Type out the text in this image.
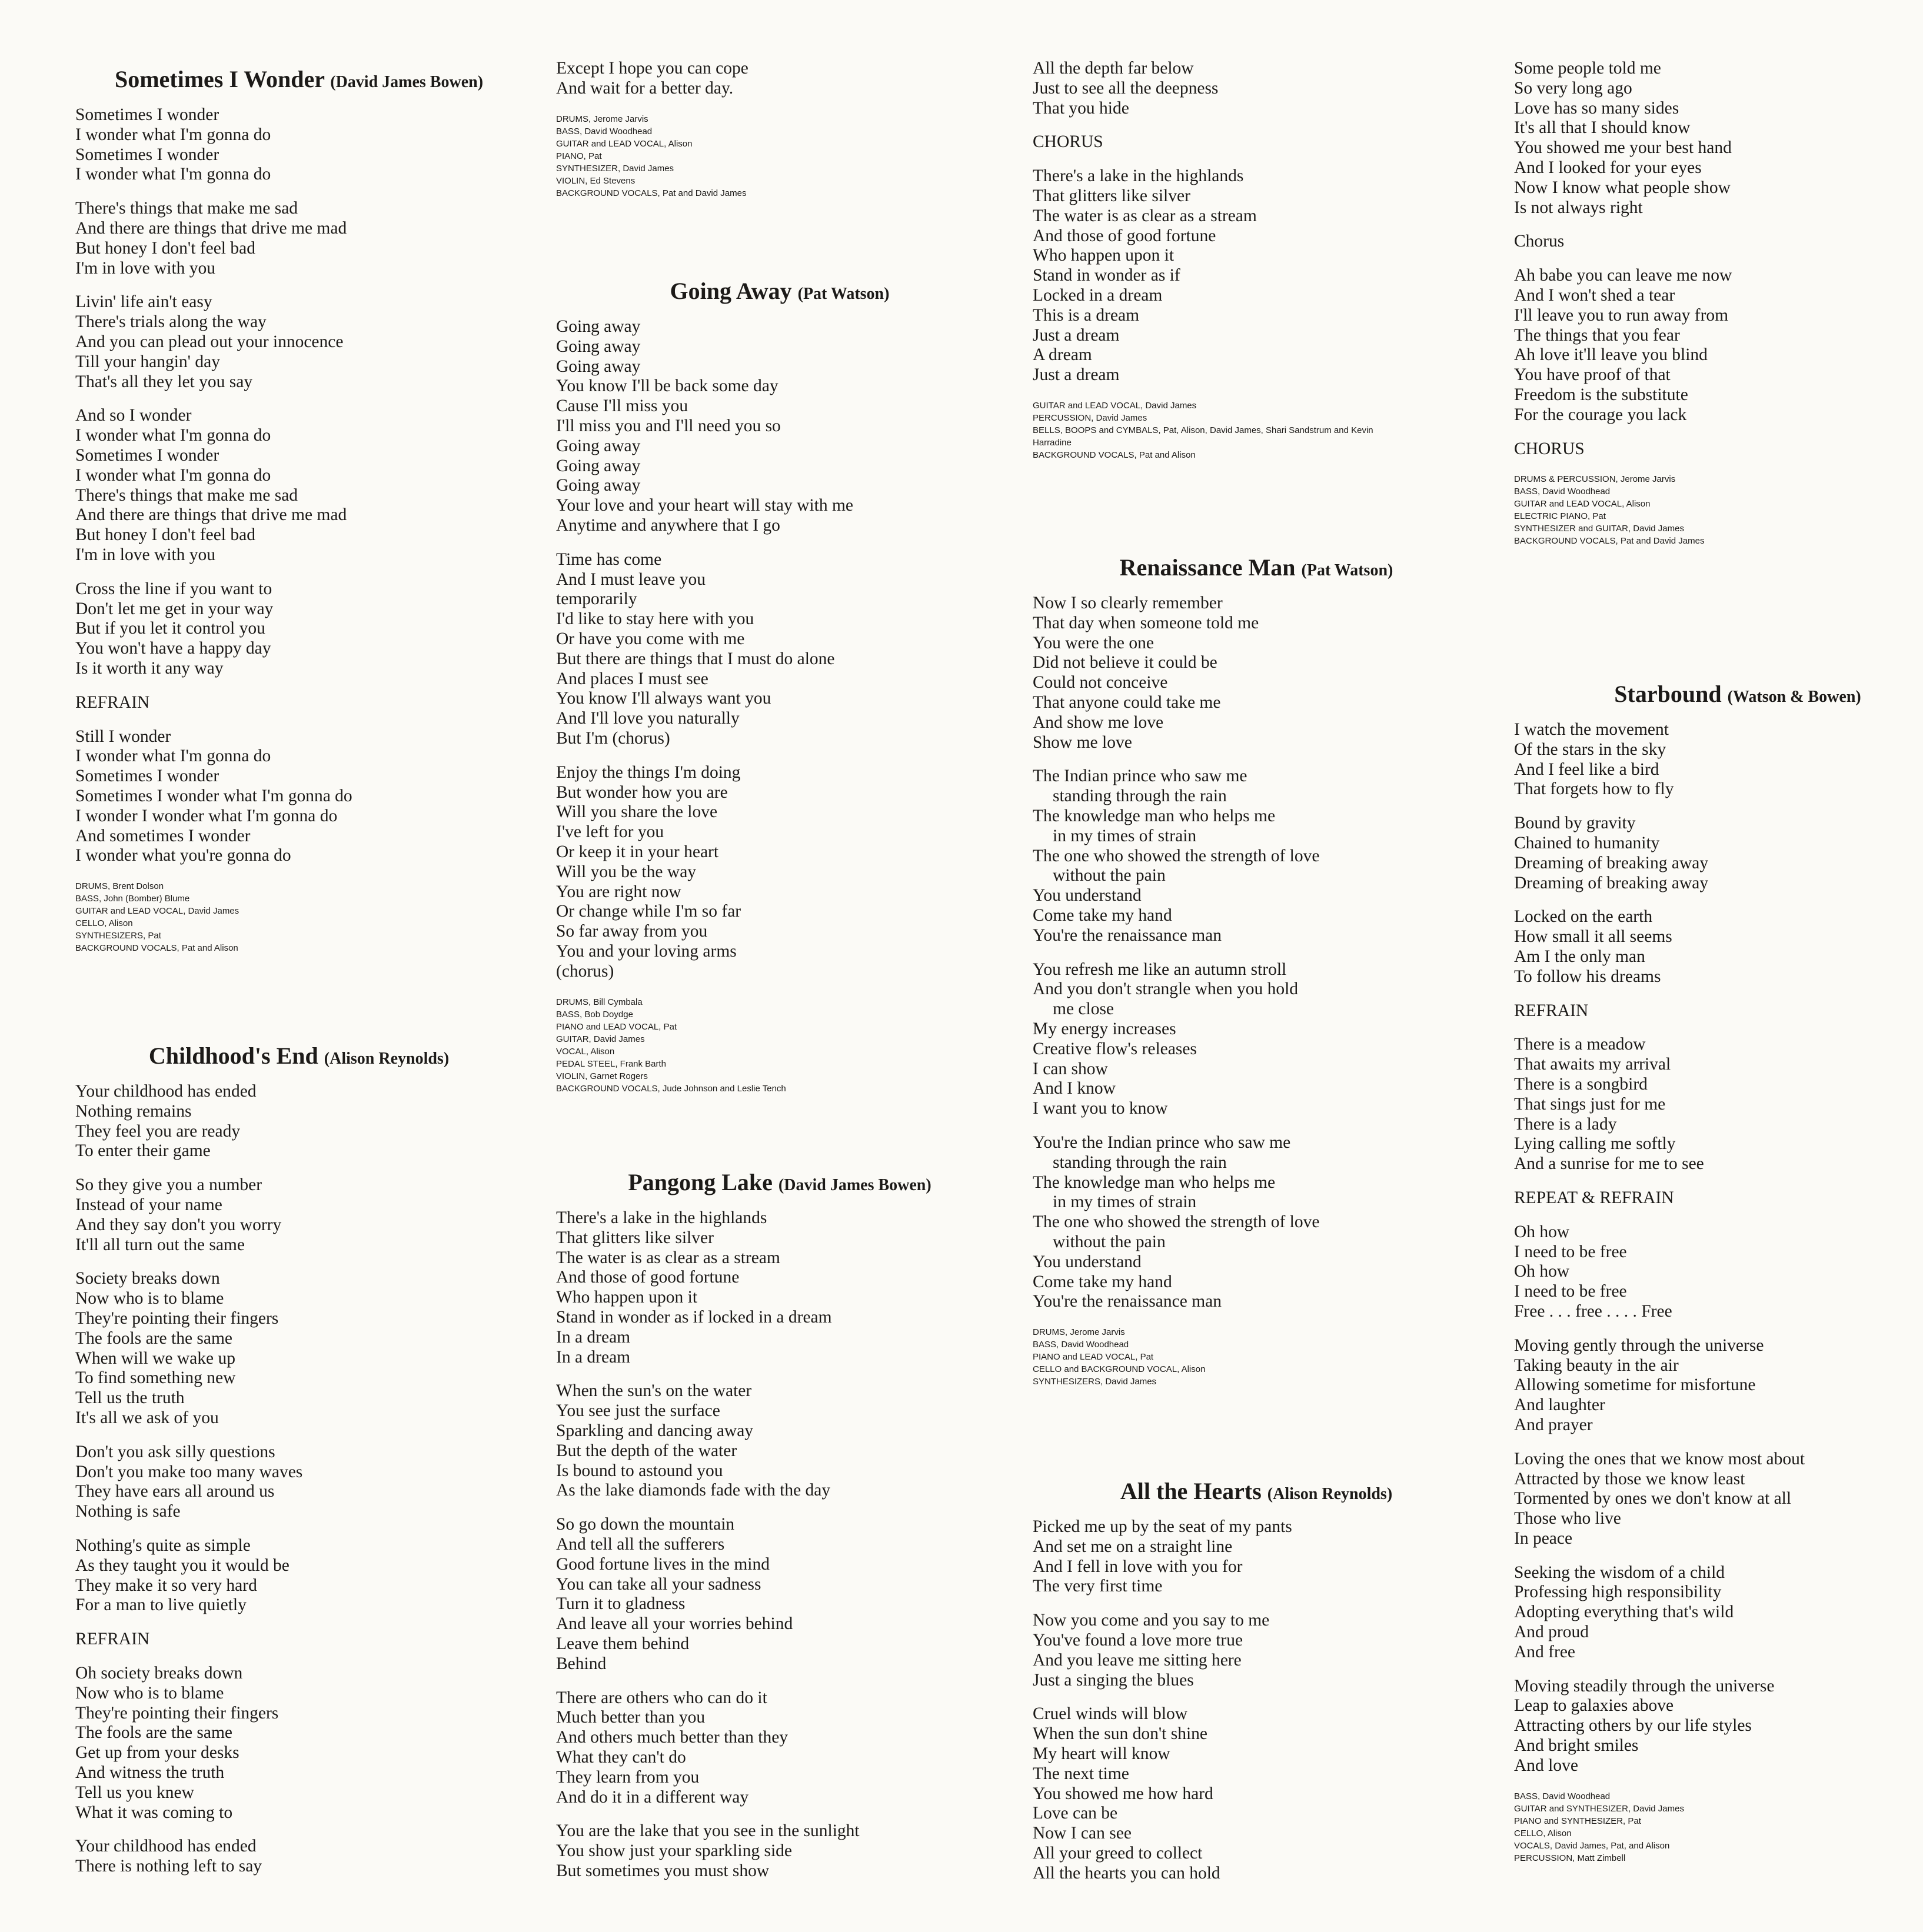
Sometimes I Wonder (David James Bowen)
Sometimes I wonder
I wonder what I'm gonna do
Sometimes I wonder
I wonder what I'm gonna do
There's things that make me sad
And there are things that drive me mad
But honey I don't feel bad
I'm in love with you
Livin' life ain't easy
There's trials along the way
And you can plead out your innocence
Till your hangin' day
That's all they let you say
And so I wonder
I wonder what I'm gonna do
Sometimes I wonder
I wonder what I'm gonna do
There's things that make me sad
And there are things that drive me mad
But honey I don't feel bad
I'm in love with you
Cross the line if you want to
Don't let me get in your way
But if you let it control you
You won't have a happy day
Is it worth it any way
REFRAIN
Still I wonder
I wonder what I'm gonna do
Sometimes I wonder
Sometimes I wonder what I'm gonna do
I wonder I wonder what I'm gonna do
And sometimes I wonder
I wonder what you're gonna do
DRUMS, Brent Dolson
BASS, John (Bomber) Blume
GUITAR and LEAD VOCAL, David James
CELLO, Alison
SYNTHESIZERS, Pat
BACKGROUND VOCALS, Pat and Alison
Childhood's End (Alison Reynolds)
Your childhood has ended
Nothing remains
They feel you are ready
To enter their game
So they give you a number
Instead of your name
And they say don't you worry
It'll all turn out the same
Society breaks down
Now who is to blame
They're pointing their fingers
The fools are the same
When will we wake up
To find something new
Tell us the truth
It's all we ask of you
Don't you ask silly questions
Don't you make too many waves
They have ears all around us
Nothing is safe
Nothing's quite as simple
As they taught you it would be
They make it so very hard
For a man to live quietly
REFRAIN
Oh society breaks down
Now who is to blame
They're pointing their fingers
The fools are the same
Get up from your desks
And witness the truth
Tell us you knew
What it was coming to
Your childhood has ended
There is nothing left to say
Except I hope you can cope
And wait for a better day.
DRUMS, Jerome Jarvis
BASS, David Woodhead
GUITAR and LEAD VOCAL, Alison
PIANO, Pat
SYNTHESIZER, David James
VIOLIN, Ed Stevens
BACKGROUND VOCALS, Pat and David James
Going Away (Pat Watson)
Going away
Going away
Going away
You know I'll be back some day
Cause I'll miss you
I'll miss you and I'll need you so
Going away
Going away
Going away
Your love and your heart will stay with me
Anytime and anywhere that I go
Time has come
And I must leave you
temporarily
I'd like to stay here with you
Or have you come with me
But there are things that I must do alone
And places I must see
You know I'll always want you
And I'll love you naturally
But I'm (chorus)
Enjoy the things I'm doing
But wonder how you are
Will you share the love
I've left for you
Or keep it in your heart
Will you be the way
You are right now
Or change while I'm so far
So far away from you
You and your loving arms
(chorus)
DRUMS, Bill Cymbala
BASS, Bob Doydge
PIANO and LEAD VOCAL, Pat
GUITAR, David James
VOCAL, Alison
PEDAL STEEL, Frank Barth
VIOLIN, Garnet Rogers
BACKGROUND VOCALS, Jude Johnson and Leslie Tench
Pangong Lake (David James Bowen)
There's a lake in the highlands
That glitters like silver
The water is as clear as a stream
And those of good fortune
Who happen upon it
Stand in wonder as if locked in a dream
In a dream
In a dream
When the sun's on the water
You see just the surface
Sparkling and dancing away
But the depth of the water
Is bound to astound you
As the lake diamonds fade with the day
So go down the mountain
And tell all the sufferers
Good fortune lives in the mind
You can take all your sadness
Turn it to gladness
And leave all your worries behind
Leave them behind
Behind
There are others who can do it
Much better than you
And others much better than they
What they can't do
They learn from you
And do it in a different way
You are the lake that you see in the sunlight
You show just your sparkling side
But sometimes you must show
All the depth far below
Just to see all the deepness
That you hide
CHORUS
There's a lake in the highlands
That glitters like silver
The water is as clear as a stream
And those of good fortune
Who happen upon it
Stand in wonder as if
Locked in a dream
This is a dream
Just a dream
A dream
Just a dream
GUITAR and LEAD VOCAL, David James
PERCUSSION, David James
BELLS, BOOPS and CYMBALS, Pat, Alison, David James, Shari Sandstrum and Kevin
Harradine
BACKGROUND VOCALS, Pat and Alison
Renaissance Man (Pat Watson)
Now I so clearly remember
That day when someone told me
You were the one
Did not believe it could be
Could not conceive
That anyone could take me
And show me love
Show me love
The Indian prince who saw me
standing through the rain
The knowledge man who helps me
in my times of strain
The one who showed the strength of love
without the pain
You understand
Come take my hand
You're the renaissance man
You refresh me like an autumn stroll
And you don't strangle when you hold
me close
My energy increases
Creative flow's releases
I can show
And I know
I want you to know
You're the Indian prince who saw me
standing through the rain
The knowledge man who helps me
in my times of strain
The one who showed the strength of love
without the pain
You understand
Come take my hand
You're the renaissance man
DRUMS, Jerome Jarvis
BASS, David Woodhead
PIANO and LEAD VOCAL, Pat
CELLO and BACKGROUND VOCAL, Alison
SYNTHESIZERS, David James
All the Hearts (Alison Reynolds)
Picked me up by the seat of my pants
And set me on a straight line
And I fell in love with you for
The very first time
Now you come and you say to me
You've found a love more true
And you leave me sitting here
Just a singing the blues
Cruel winds will blow
When the sun don't shine
My heart will know
The next time
You showed me how hard
Love can be
Now I can see
All your greed to collect
All the hearts you can hold
Some people told me
So very long ago
Love has so many sides
It's all that I should know
You showed me your best hand
And I looked for your eyes
Now I know what people show
Is not always right
Chorus
Ah babe you can leave me now
And I won't shed a tear
I'll leave you to run away from
The things that you fear
Ah love it'll leave you blind
You have proof of that
Freedom is the substitute
For the courage you lack
CHORUS
DRUMS & PERCUSSION, Jerome Jarvis
BASS, David Woodhead
GUITAR and LEAD VOCAL, Alison
ELECTRIC PIANO, Pat
SYNTHESIZER and GUITAR, David James
BACKGROUND VOCALS, Pat and David James
Starbound (Watson & Bowen)
I watch the movement
Of the stars in the sky
And I feel like a bird
That forgets how to fly
Bound by gravity
Chained to humanity
Dreaming of breaking away
Dreaming of breaking away
Locked on the earth
How small it all seems
Am I the only man
To follow his dreams
REFRAIN
There is a meadow
That awaits my arrival
There is a songbird
That sings just for me
There is a lady
Lying calling me softly
And a sunrise for me to see
REPEAT & REFRAIN
Oh how
I need to be free
Oh how
I need to be free
Free . . . free . . . . Free
Moving gently through the universe
Taking beauty in the air
Allowing sometime for misfortune
And laughter
And prayer
Loving the ones that we know most about
Attracted by those we know least
Tormented by ones we don't know at all
Those who live
In peace
Seeking the wisdom of a child
Professing high responsibility
Adopting everything that's wild
And proud
And free
Moving steadily through the universe
Leap to galaxies above
Attracting others by our life styles
And bright smiles
And love
BASS, David Woodhead
GUITAR and SYNTHESIZER, David James
PIANO and SYNTHESIZER, Pat
CELLO, Alison
VOCALS, David James, Pat, and Alison
PERCUSSION, Matt Zimbell
